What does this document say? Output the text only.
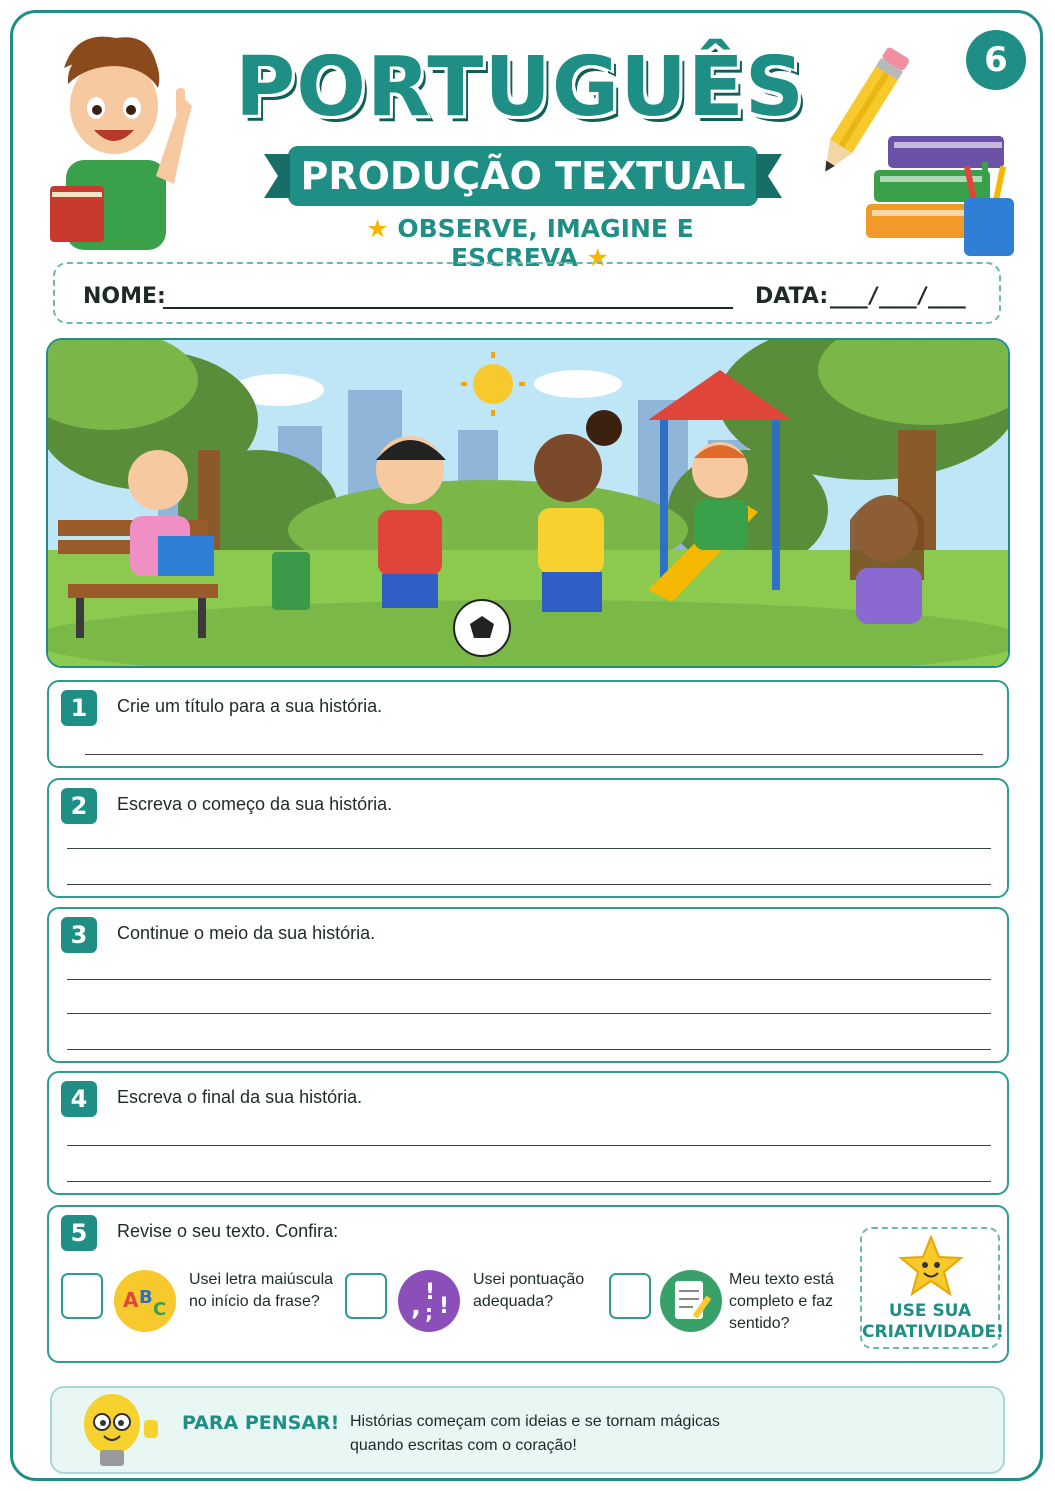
6
PORTUGUÊS
PRODUÇÃO TEXTUAL
★ OBSERVE, IMAGINE E ESCREVA ★
NOME:	DATA: ___/___/___
1	Crie um título para a sua história.
2	Escreva o começo da sua história.
3	Continue o meio da sua história.
4	Escreva o final da sua história.
5	Revise o seu texto. Confira:
A B
C
Usei letra maiúscula
no início da frase?	, !
; !
Usei pontuação
adequada?
Meu texto está
completo e faz
sentido?
USE SUA
CRIATIVIDADE!
PARA PENSAR! Histórias começam com ideias e se tornam mágicas
quando escritas com o coração!
